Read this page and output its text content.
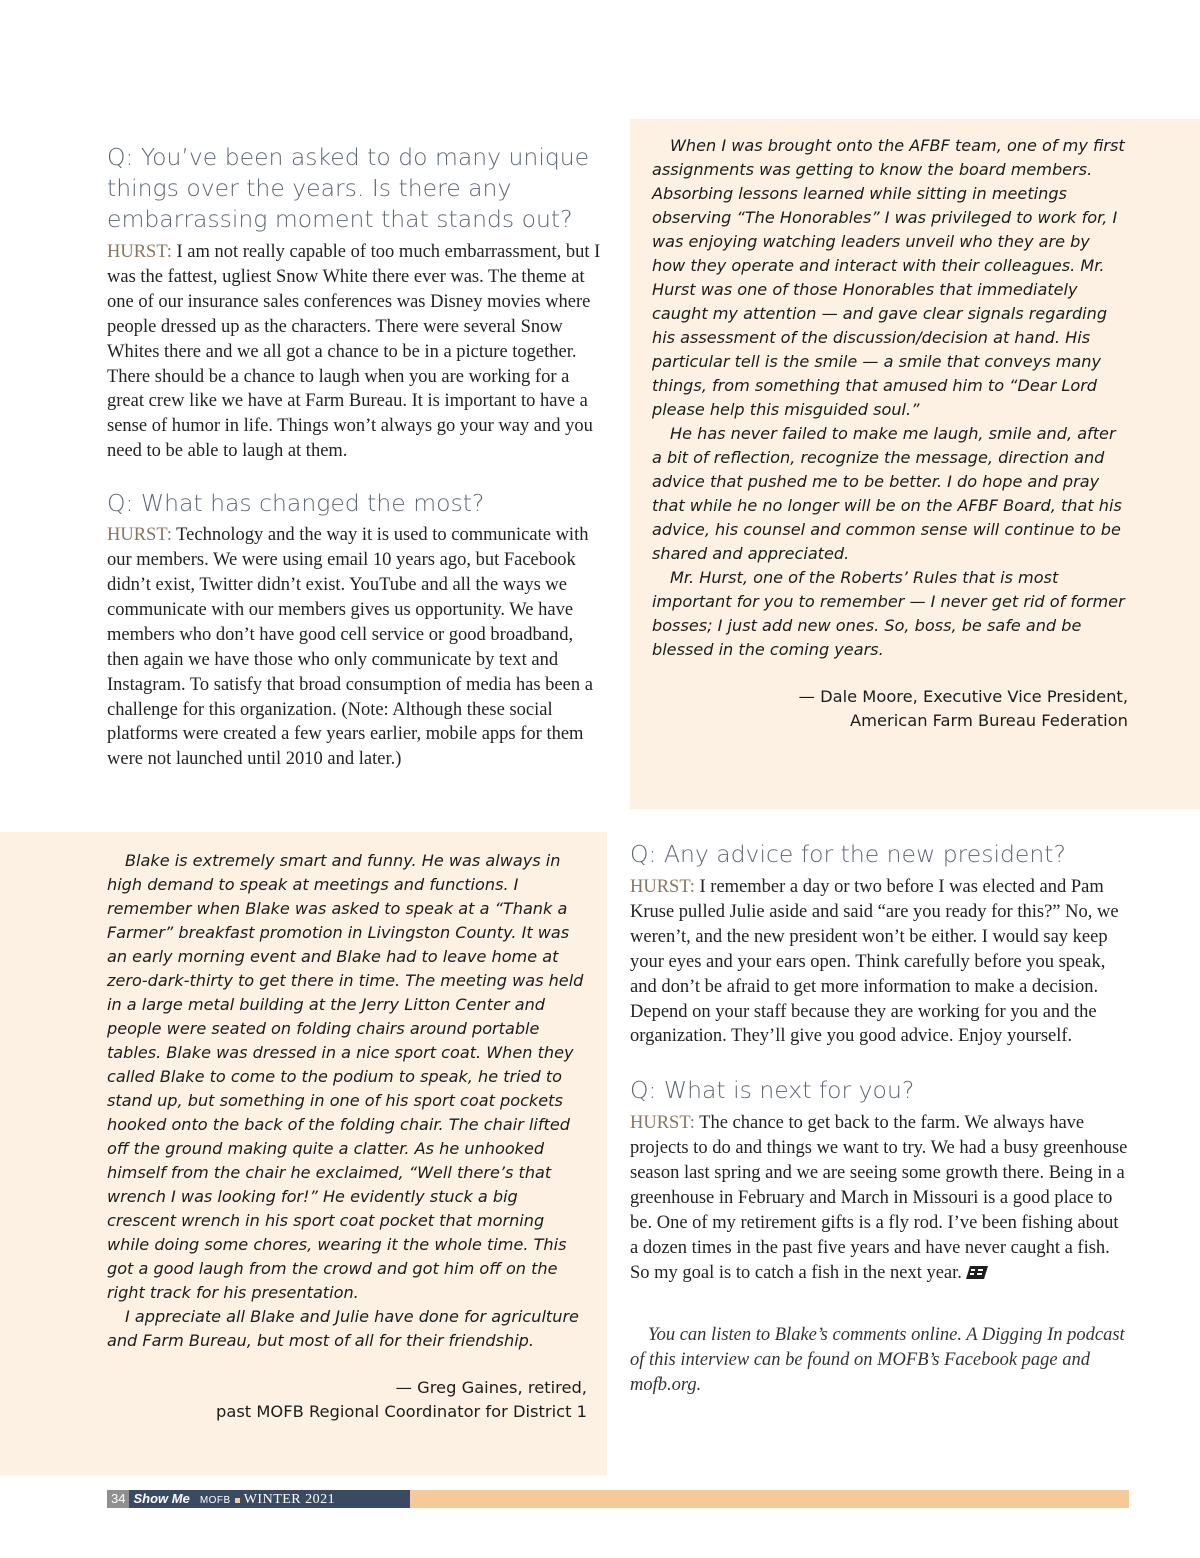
Q: You’ve been asked to do many unique things over the years. Is there any embarrassing moment that stands out?

HURST: I am not really capable of too much embarrassment, but I was the fattest, ugliest Snow White there ever was. The theme at one of our insurance sales conferences was Disney movies where people dressed up as the characters. There were several Snow Whites there and we all got a chance to be in a picture together. There should be a chance to laugh when you are working for a great crew like we have at Farm Bureau. It is important to have a sense of humor in life. Things won’t always go your way and you need to be able to laugh at them.

Q: What has changed the most?

HURST: Technology and the way it is used to communicate with our members. We were using email 10 years ago, but Facebook didn’t exist, Twitter didn’t exist. YouTube and all the ways we communicate with our members gives us opportunity. We have members who don’t have good cell service or good broadband, then again we have those who only communicate by text and Instagram. To satisfy that broad consumption of media has been a challenge for this organization. (Note: Although these social platforms were created a few years earlier, mobile apps for them were not launched until 2010 and later.)

When I was brought onto the AFBF team, one of my first assignments was getting to know the board members. Absorbing lessons learned while sitting in meetings observing “The Honorables” I was privileged to work for, I was enjoying watching leaders unveil who they are by how they operate and interact with their colleagues. Mr. Hurst was one of those Honorables that immediately caught my attention — and gave clear signals regarding his assessment of the discussion/decision at hand. His particular tell is the smile — a smile that conveys many things, from something that amused him to “Dear Lord please help this misguided soul.”

He has never failed to make me laugh, smile and, after a bit of reflection, recognize the message, direction and advice that pushed me to be better. I do hope and pray that while he no longer will be on the AFBF Board, that his advice, his counsel and common sense will continue to be shared and appreciated.

Mr. Hurst, one of the Roberts’ Rules that is most important for you to remember — I never get rid of former bosses; I just add new ones. So, boss, be safe and be blessed in the coming years.

— Dale Moore, Executive Vice President,
American Farm Bureau Federation

Blake is extremely smart and funny. He was always in high demand to speak at meetings and functions. I remember when Blake was asked to speak at a “Thank a Farmer” breakfast promotion in Livingston County. It was an early morning event and Blake had to leave home at zero-dark-thirty to get there in time. The meeting was held in a large metal building at the Jerry Litton Center and people were seated on folding chairs around portable tables. Blake was dressed in a nice sport coat. When they called Blake to come to the podium to speak, he tried to stand up, but something in one of his sport coat pockets hooked onto the back of the folding chair. The chair lifted off the ground making quite a clatter. As he unhooked himself from the chair he exclaimed, “Well there’s that wrench I was looking for!” He evidently stuck a big crescent wrench in his sport coat pocket that morning while doing some chores, wearing it the whole time. This got a good laugh from the crowd and got him off on the right track for his presentation.

I appreciate all Blake and Julie have done for agriculture and Farm Bureau, but most of all for their friendship.

— Greg Gaines, retired,
past MOFB Regional Coordinator for District 1
Q: Any advice for the new president?

HURST: I remember a day or two before I was elected and Pam Kruse pulled Julie aside and said “are you ready for this?” No, we weren’t, and the new president won’t be either. I would say keep your eyes and your ears open. Think carefully before you speak, and don’t be afraid to get more information to make a decision. Depend on your staff because they are working for you and the organization. They’ll give you good advice. Enjoy yourself.

Q: What is next for you?

HURST: The chance to get back to the farm. We always have projects to do and things we want to try. We had a busy greenhouse season last spring and we are seeing some growth there. Being in a greenhouse in February and March in Missouri is a good place to be. One of my retirement gifts is a fly rod. I’ve been fishing about a dozen times in the past five years and have never caught a fish. So my goal is to catch a fish in the next year.

You can listen to Blake’s comments online. A Digging In podcast of this interview can be found on MOFB’s Facebook page and mofb.org.

34 Show Me MOFB WINTER 2021
